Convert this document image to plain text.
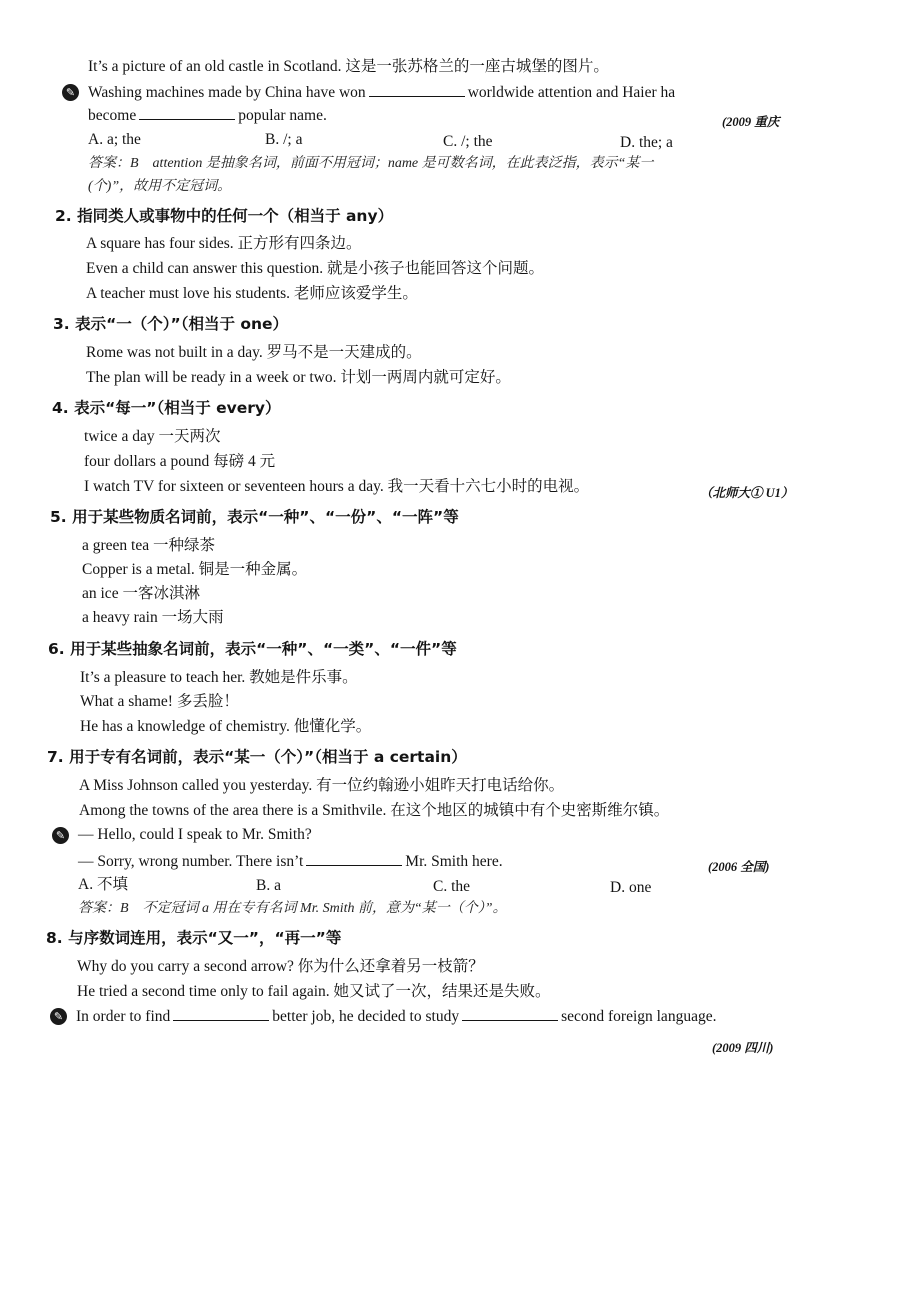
It’s a picture of an old castle in Scotland. 这是一张苏格兰的一座古城堡的图片。
✎ Washing machines made by China have won	worldwide attention and Haier ha
become	popular name.	(2009 重庆
A. a; the	B. /; a	C. /; the	D. the; a
答案：B　attention 是抽象名词，前面不用冠词；name 是可数名词，在此表泛指，表示“某一
(个)”，故用不定冠词。
2. 指同类人或事物中的任何一个（相当于 any）
A square has four sides. 正方形有四条边。
Even a child can answer this question. 就是小孩子也能回答这个问题。
A teacher must love his students. 老师应该爱学生。
3. 表示“一（个）”（相当于 one）
Rome was not built in a day. 罗马不是一天建成的。
The plan will be ready in a week or two. 计划一两周内就可定好。
4. 表示“每一”（相当于 every）
twice a day 一天两次
four dollars a pound 每磅 4 元
I watch TV for sixteen or seventeen hours a day. 我一天看十六七小时的电视。	（北师大① U1）
5. 用于某些物质名词前，表示“一种”、“一份”、“一阵”等
a green tea 一种绿茶
Copper is a metal. 铜是一种金属。
an ice 一客冰淇淋
a heavy rain 一场大雨
6. 用于某些抽象名词前，表示“一种”、“一类”、“一件”等
It’s a pleasure to teach her. 教她是件乐事。
What a shame! 多丢脸！
He has a knowledge of chemistry. 他懂化学。
7. 用于专有名词前，表示“某一（个）”（相当于 a certain）
A Miss Johnson called you yesterday. 有一位约翰逊小姐昨天打电话给你。
Among the towns of the area there is a Smithvile. 在这个地区的城镇中有个史密斯维尔镇。
✎ — Hello, could I speak to Mr. Smith?
— Sorry, wrong number. There isn’t	Mr. Smith here.	(2006 全国)
A. 不填	B. a	C. the	D. one
答案：B　不定冠词 a 用在专有名词 Mr. Smith 前，意为“某一（个）”。
8. 与序数词连用，表示“又一”，“再一”等
Why do you carry a second arrow? 你为什么还拿着另一枝箭？
He tried a second time only to fail again. 她又试了一次，结果还是失败。
✎ In order to find	better job, he decided to study	second foreign language.
(2009 四川)
